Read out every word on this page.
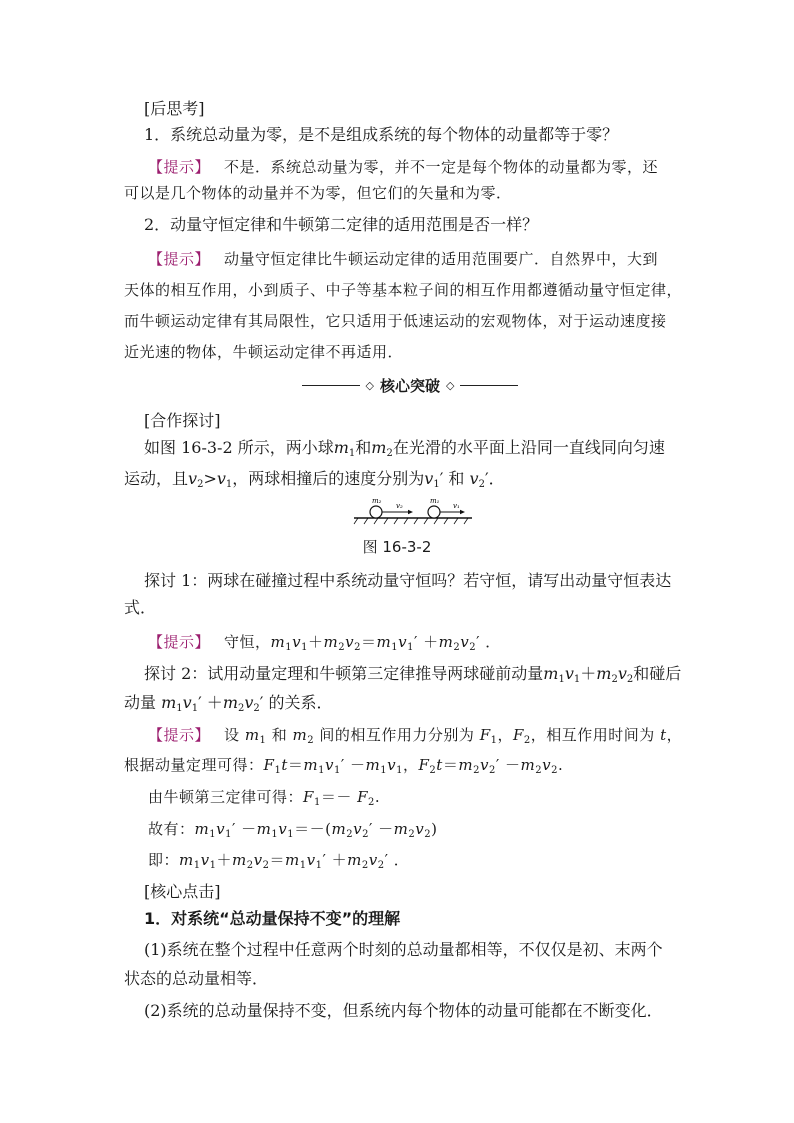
[后思考]
1．系统总动量为零，是不是组成系统的每个物体的动量都等于零？
【提示】 不是．系统总动量为零，并不一定是每个物体的动量都为零，还
可以是几个物体的动量并不为零，但它们的矢量和为零．
2．动量守恒定律和牛顿第二定律的适用范围是否一样？
【提示】 动量守恒定律比牛顿运动定律的适用范围要广．自然界中，大到
天体的相互作用，小到质子、中子等基本粒子间的相互作用都遵循动量守恒定律，
而牛顿运动定律有其局限性，它只适用于低速运动的宏观物体，对于运动速度接
近光速的物体，牛顿运动定律不再适用．
◇ 核心突破 ◇
[合作探讨]
如图 16-3-2 所示，两小球$m_1$和$m_2$在光滑的水平面上沿同一直线同向匀速
运动，且$v_2>v_1$，两球相撞后的速度分别为$v_1'$ 和 $v_2'$．
m₂
v₂
m₁
v₁
图 16-3-2
探讨 1：两球在碰撞过程中系统动量守恒吗？若守恒，请写出动量守恒表达
式．
【提示】 守恒，$m_1v_1+m_2v_2=m_1v_1' +m_2v_2'$ ．
探讨 2：试用动量定理和牛顿第三定律推导两球碰前动量$m_1v_1+m_2v_2$和碰后
动量 $m_1v_1' +m_2v_2'$ 的关系．
【提示】 设 $m_1$ 和 $m_2$ 间的相互作用力分别为 $F_1$，$F_2$，相互作用时间为 t，
根据动量定理可得：$F_1t=m_1v_1' -m_1v_1$，$F_2t=m_2v_2' -m_2v_2$.
由牛顿第三定律可得：$F_1=- F_2$.
故有：$m_1v_1' -m_1v_1=-(m_2v_2' -m_2v_2)$
即：$m_1v_1+m_2v_2=m_1v_1' +m_2v_2'$ ．
[核心点击]
1．对系统“总动量保持不变”的理解
(1)系统在整个过程中任意两个时刻的总动量都相等，不仅仅是初、末两个
状态的总动量相等．
(2)系统的总动量保持不变，但系统内每个物体的动量可能都在不断变化．
